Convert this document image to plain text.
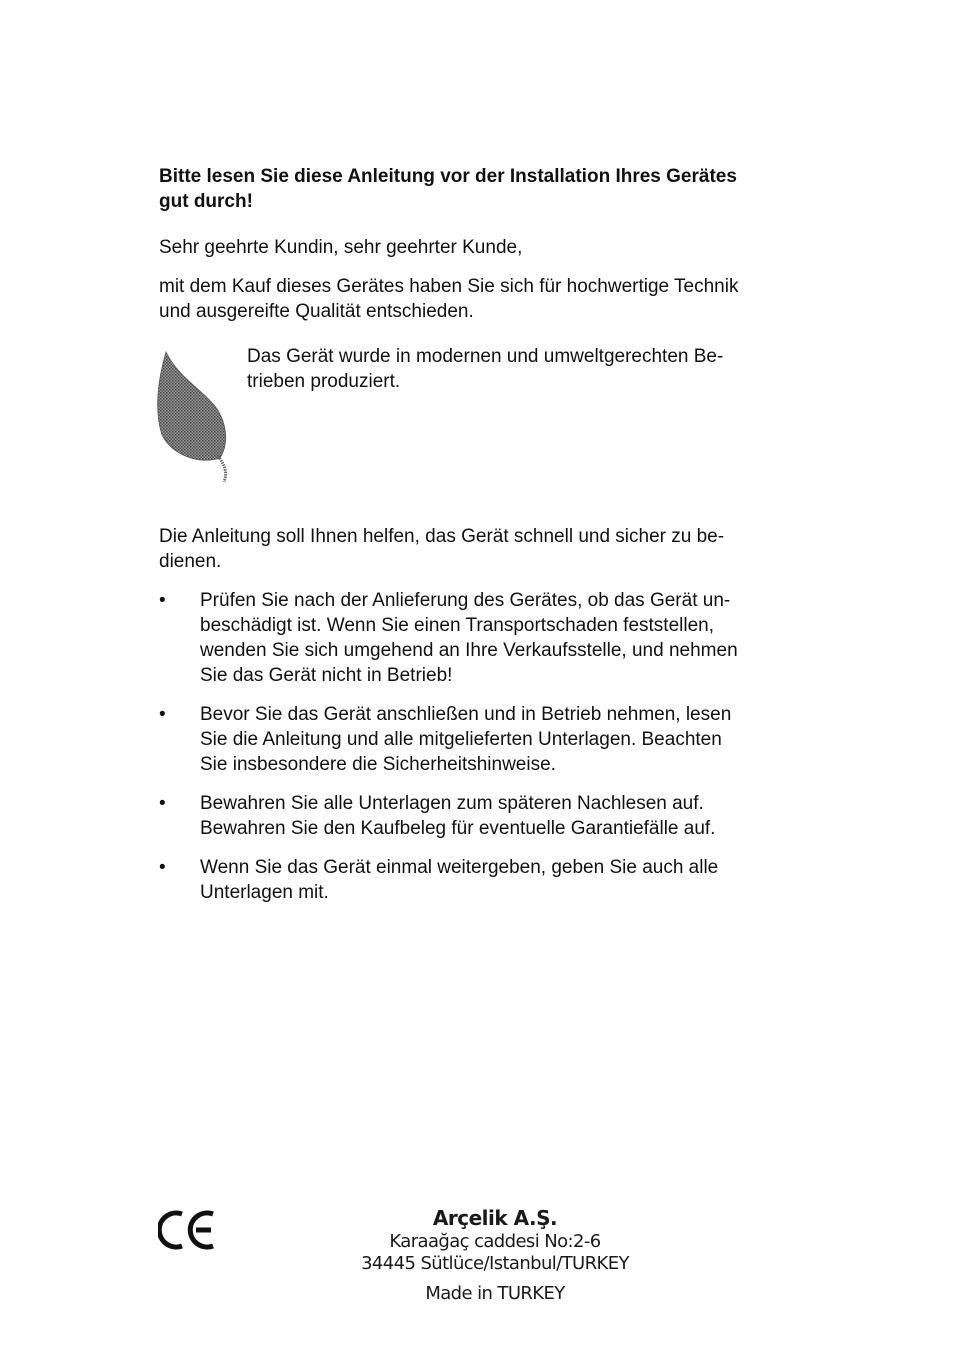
Bitte lesen Sie diese Anleitung vor der Installation Ihres Gerätes
gut durch!

Sehr geehrte Kundin, sehr geehrter Kunde,

mit dem Kauf dieses Gerätes haben Sie sich für hochwertige Technik
und ausgereifte Qualität entschieden.

Das Gerät wurde in modernen und umweltgerechten Be-
trieben produziert.

Die Anleitung soll Ihnen helfen, das Gerät schnell und sicher zu be-
dienen.

• Prüfen Sie nach der Anlieferung des Gerätes, ob das Gerät un-
beschädigt ist. Wenn Sie einen Transportschaden feststellen,
wenden Sie sich umgehend an Ihre Verkaufsstelle, und nehmen
Sie das Gerät nicht in Betrieb!
• Bevor Sie das Gerät anschließen und in Betrieb nehmen, lesen
Sie die Anleitung und alle mitgelieferten Unterlagen. Beachten
Sie insbesondere die Sicherheitshinweise.
• Bewahren Sie alle Unterlagen zum späteren Nachlesen auf.
Bewahren Sie den Kaufbeleg für eventuelle Garantiefälle auf.
• Wenn Sie das Gerät einmal weitergeben, geben Sie auch alle
Unterlagen mit.
Arçelik A.Ş.
Karaağaç caddesi No:2-6
34445 Sütlüce/Istanbul/TURKEY
Made in TURKEY
